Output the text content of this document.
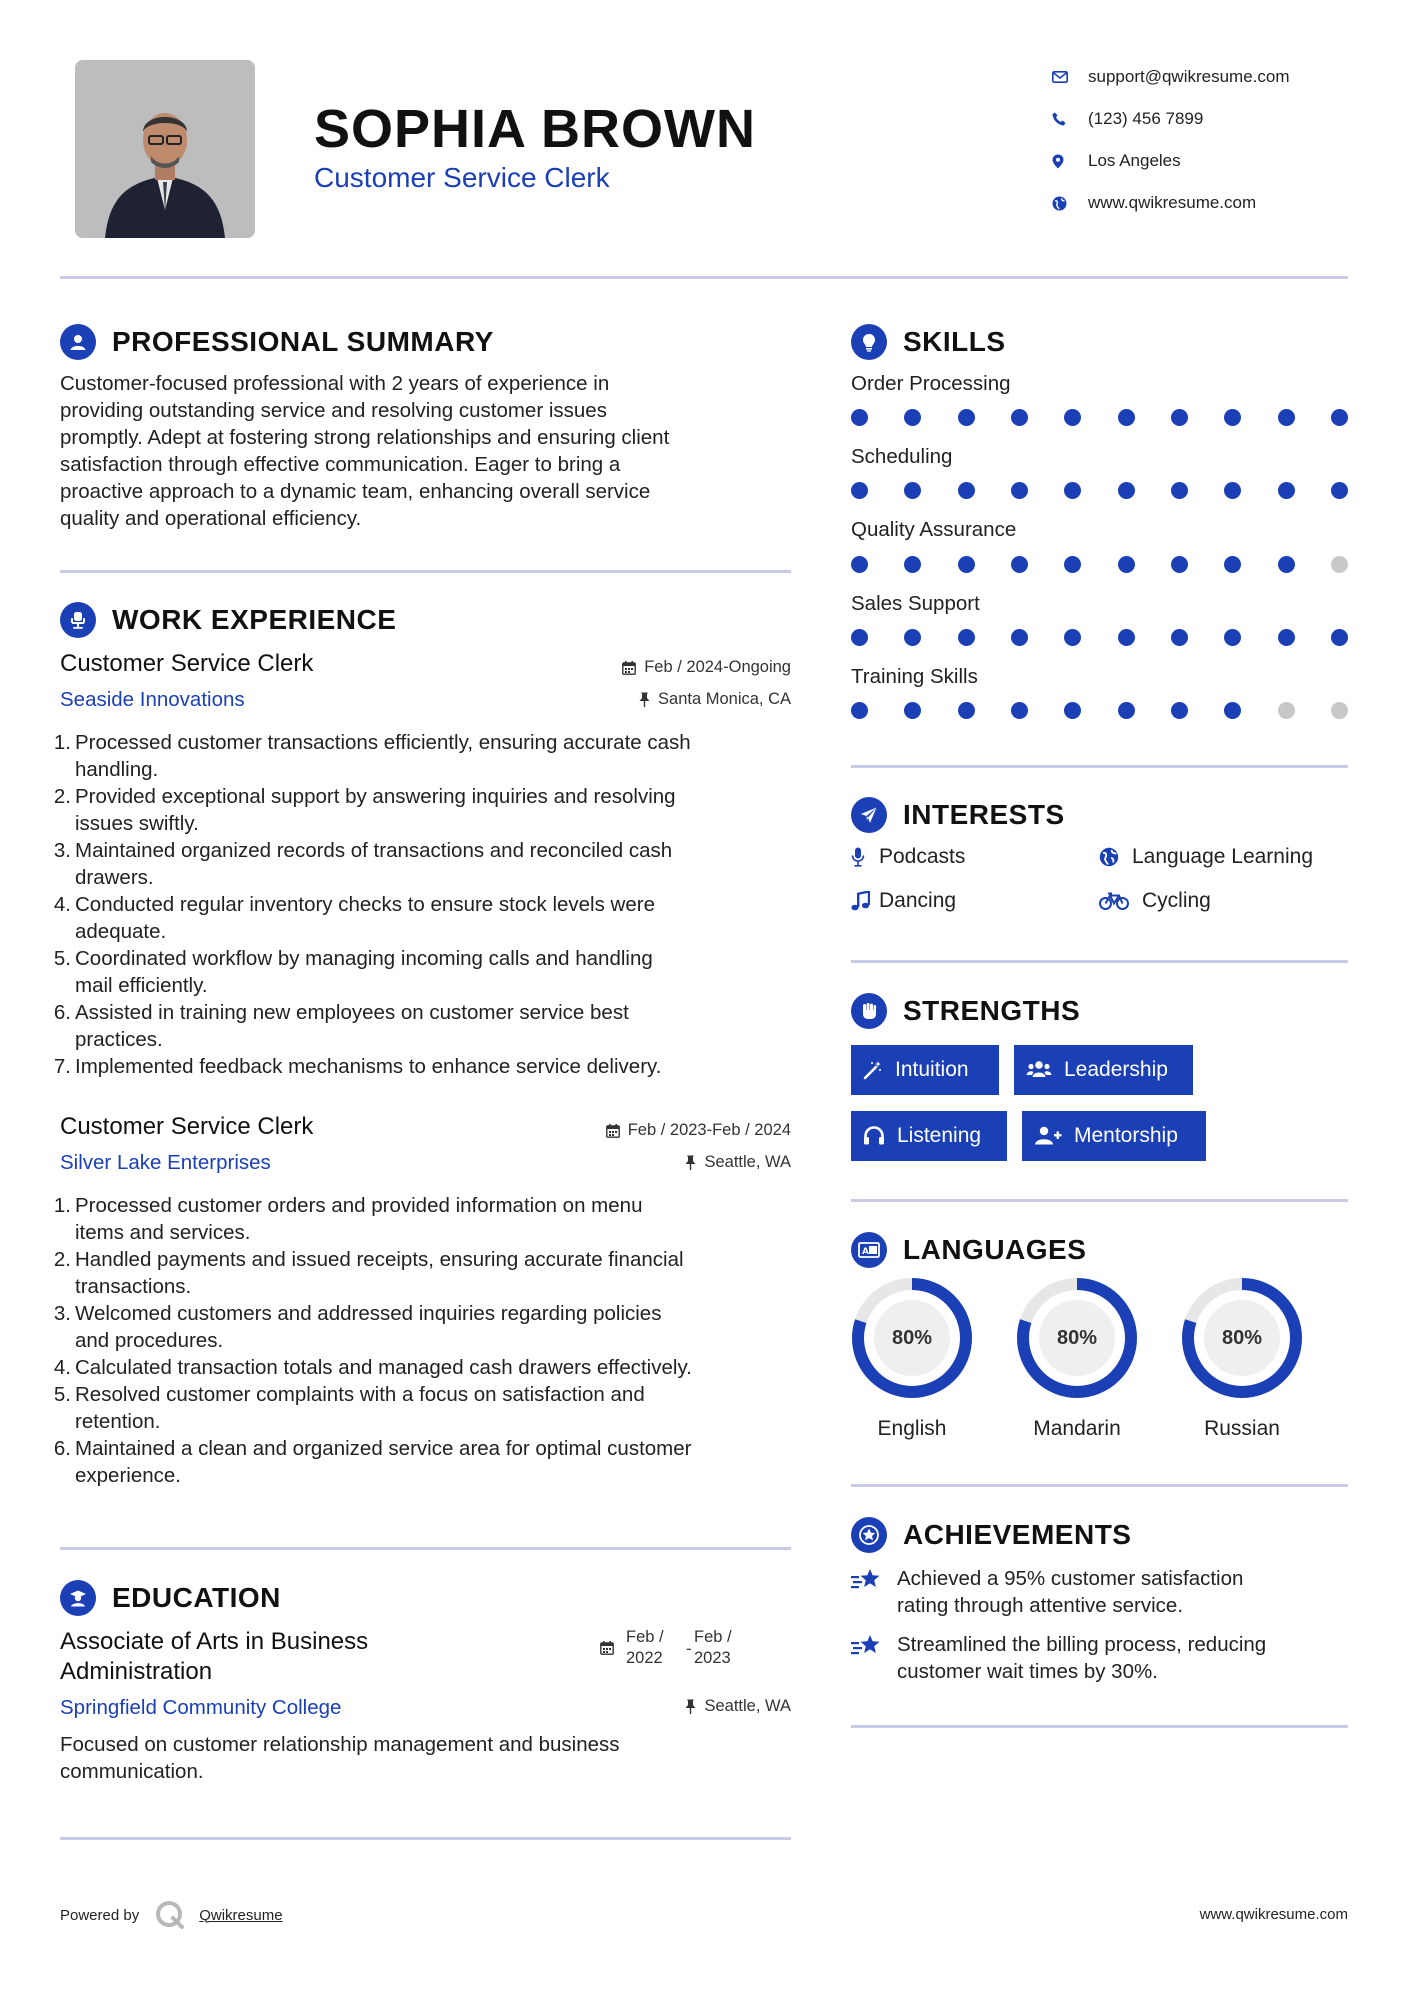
SOPHIA BROWN
Customer Service Clerk
support@qwikresume.com
(123) 456 7899
Los Angeles
www.qwikresume.com
PROFESSIONAL SUMMARY
Customer-focused professional with 2 years of experience in
providing outstanding service and resolving customer issues
promptly. Adept at fostering strong relationships and ensuring client
satisfaction through effective communication. Eager to bring a
proactive approach to a dynamic team, enhancing overall service
quality and operational efficiency.
WORK EXPERIENCE
Customer Service Clerk
Seaside Innovations
Feb / 2024-Ongoing
Santa Monica, CA
1. Processed customer transactions efficiently, ensuring accurate cash
handling.
2. Provided exceptional support by answering inquiries and resolving
issues swiftly.
3. Maintained organized records of transactions and reconciled cash
drawers.
4. Conducted regular inventory checks to ensure stock levels were
adequate.
5. Coordinated workflow by managing incoming calls and handling
mail efficiently.
6. Assisted in training new employees on customer service best
practices.
7. Implemented feedback mechanisms to enhance service delivery.
Customer Service Clerk
Silver Lake Enterprises
Feb / 2023-Feb / 2024
Seattle, WA
1. Processed customer orders and provided information on menu
items and services.
2. Handled payments and issued receipts, ensuring accurate financial
transactions.
3. Welcomed customers and addressed inquiries regarding policies
and procedures.
4. Calculated transaction totals and managed cash drawers effectively.
5. Resolved customer complaints with a focus on satisfaction and
retention.
6. Maintained a clean and organized service area for optimal customer
experience.
EDUCATION
Associate of Arts in Business
Administration
Feb /
2022	-
Feb /
2023
Springfield Community College	Seattle, WA
Focused on customer relationship management and business
communication.
SKILLS
Order Processing
Scheduling
Quality Assurance
Sales Support
Training Skills
INTERESTS
Podcasts	Language Learning
Dancing	Cycling
STRENGTHS
Intuition	Leadership
Listening	Mentorship
A LANGUAGES
80%
English
80%
Mandarin
80%
Russian
ACHIEVEMENTS
Achieved a 95% customer satisfaction
rating through attentive service.
Streamlined the billing process, reducing
customer wait times by 30%.
Powered by	Qwikresume	www.qwikresume.com
